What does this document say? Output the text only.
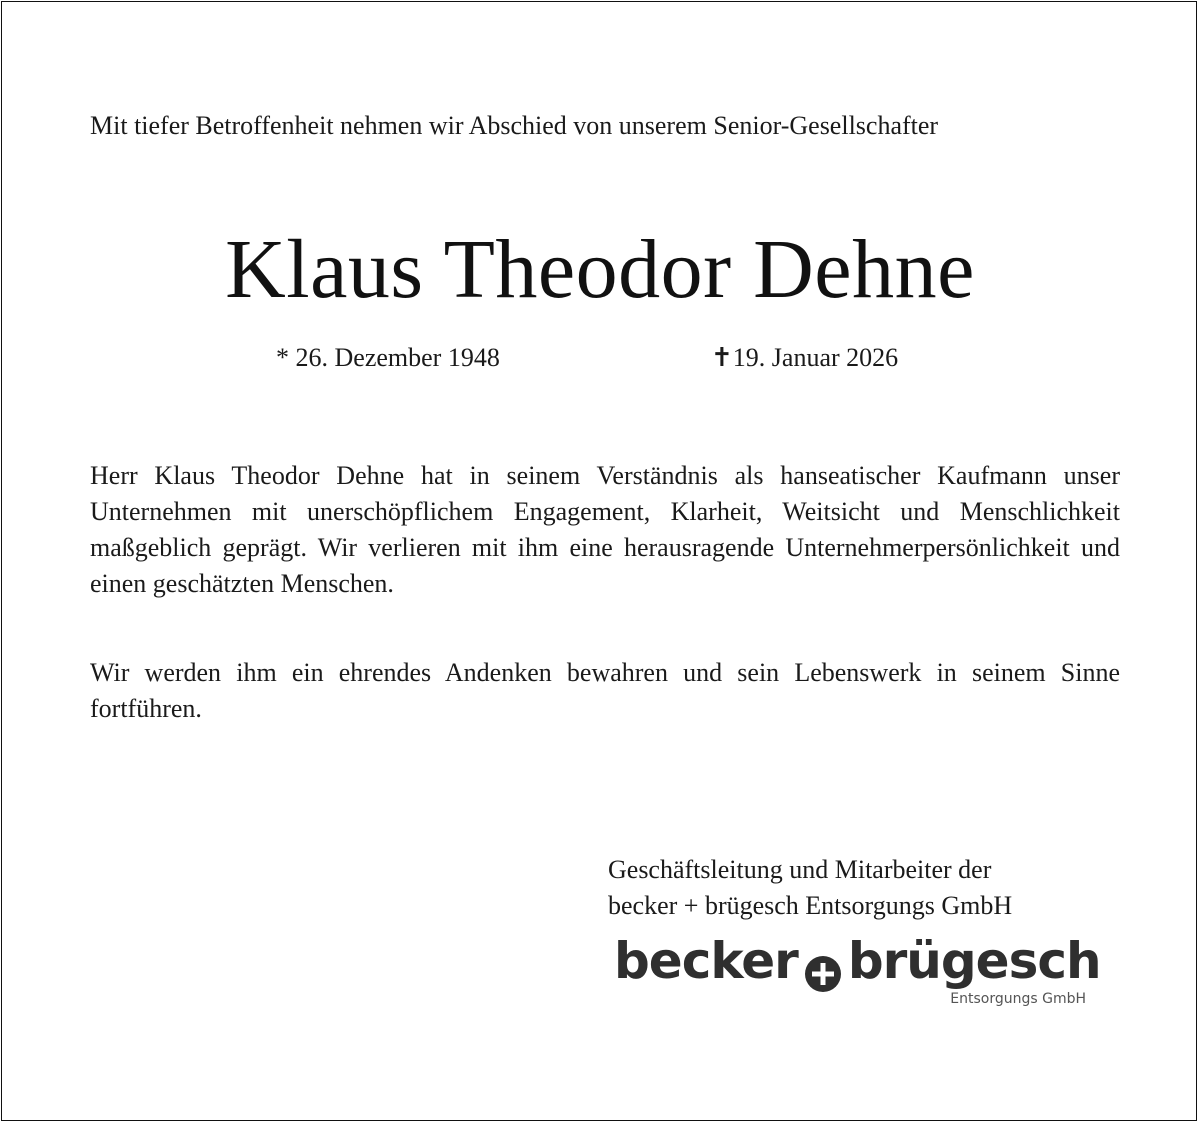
Mit tiefer Betroffenheit nehmen wir Abschied von unserem Senior-Gesellschafter
Klaus Theodor Dehne
* 26. Dezember 1948	✝19. Januar 2026

Herr Klaus Theodor Dehne hat in seinem Verständnis als hanseatischer Kaufmann unser Unternehmen mit unerschöpflichem Engagement, Klarheit, Weitsicht und Menschlichkeit maßgeblich geprägt. Wir verlieren mit ihm eine herausragende Unternehmerpersönlichkeit und einen geschätzten Menschen.

Wir werden ihm ein ehrendes Andenken bewahren und sein Lebenswerk in seinem Sinne fortführen.

Geschäftsleitung und Mitarbeiter der
becker + brügesch Entsorgungs GmbH
becker brügesch
Entsorgungs GmbH
